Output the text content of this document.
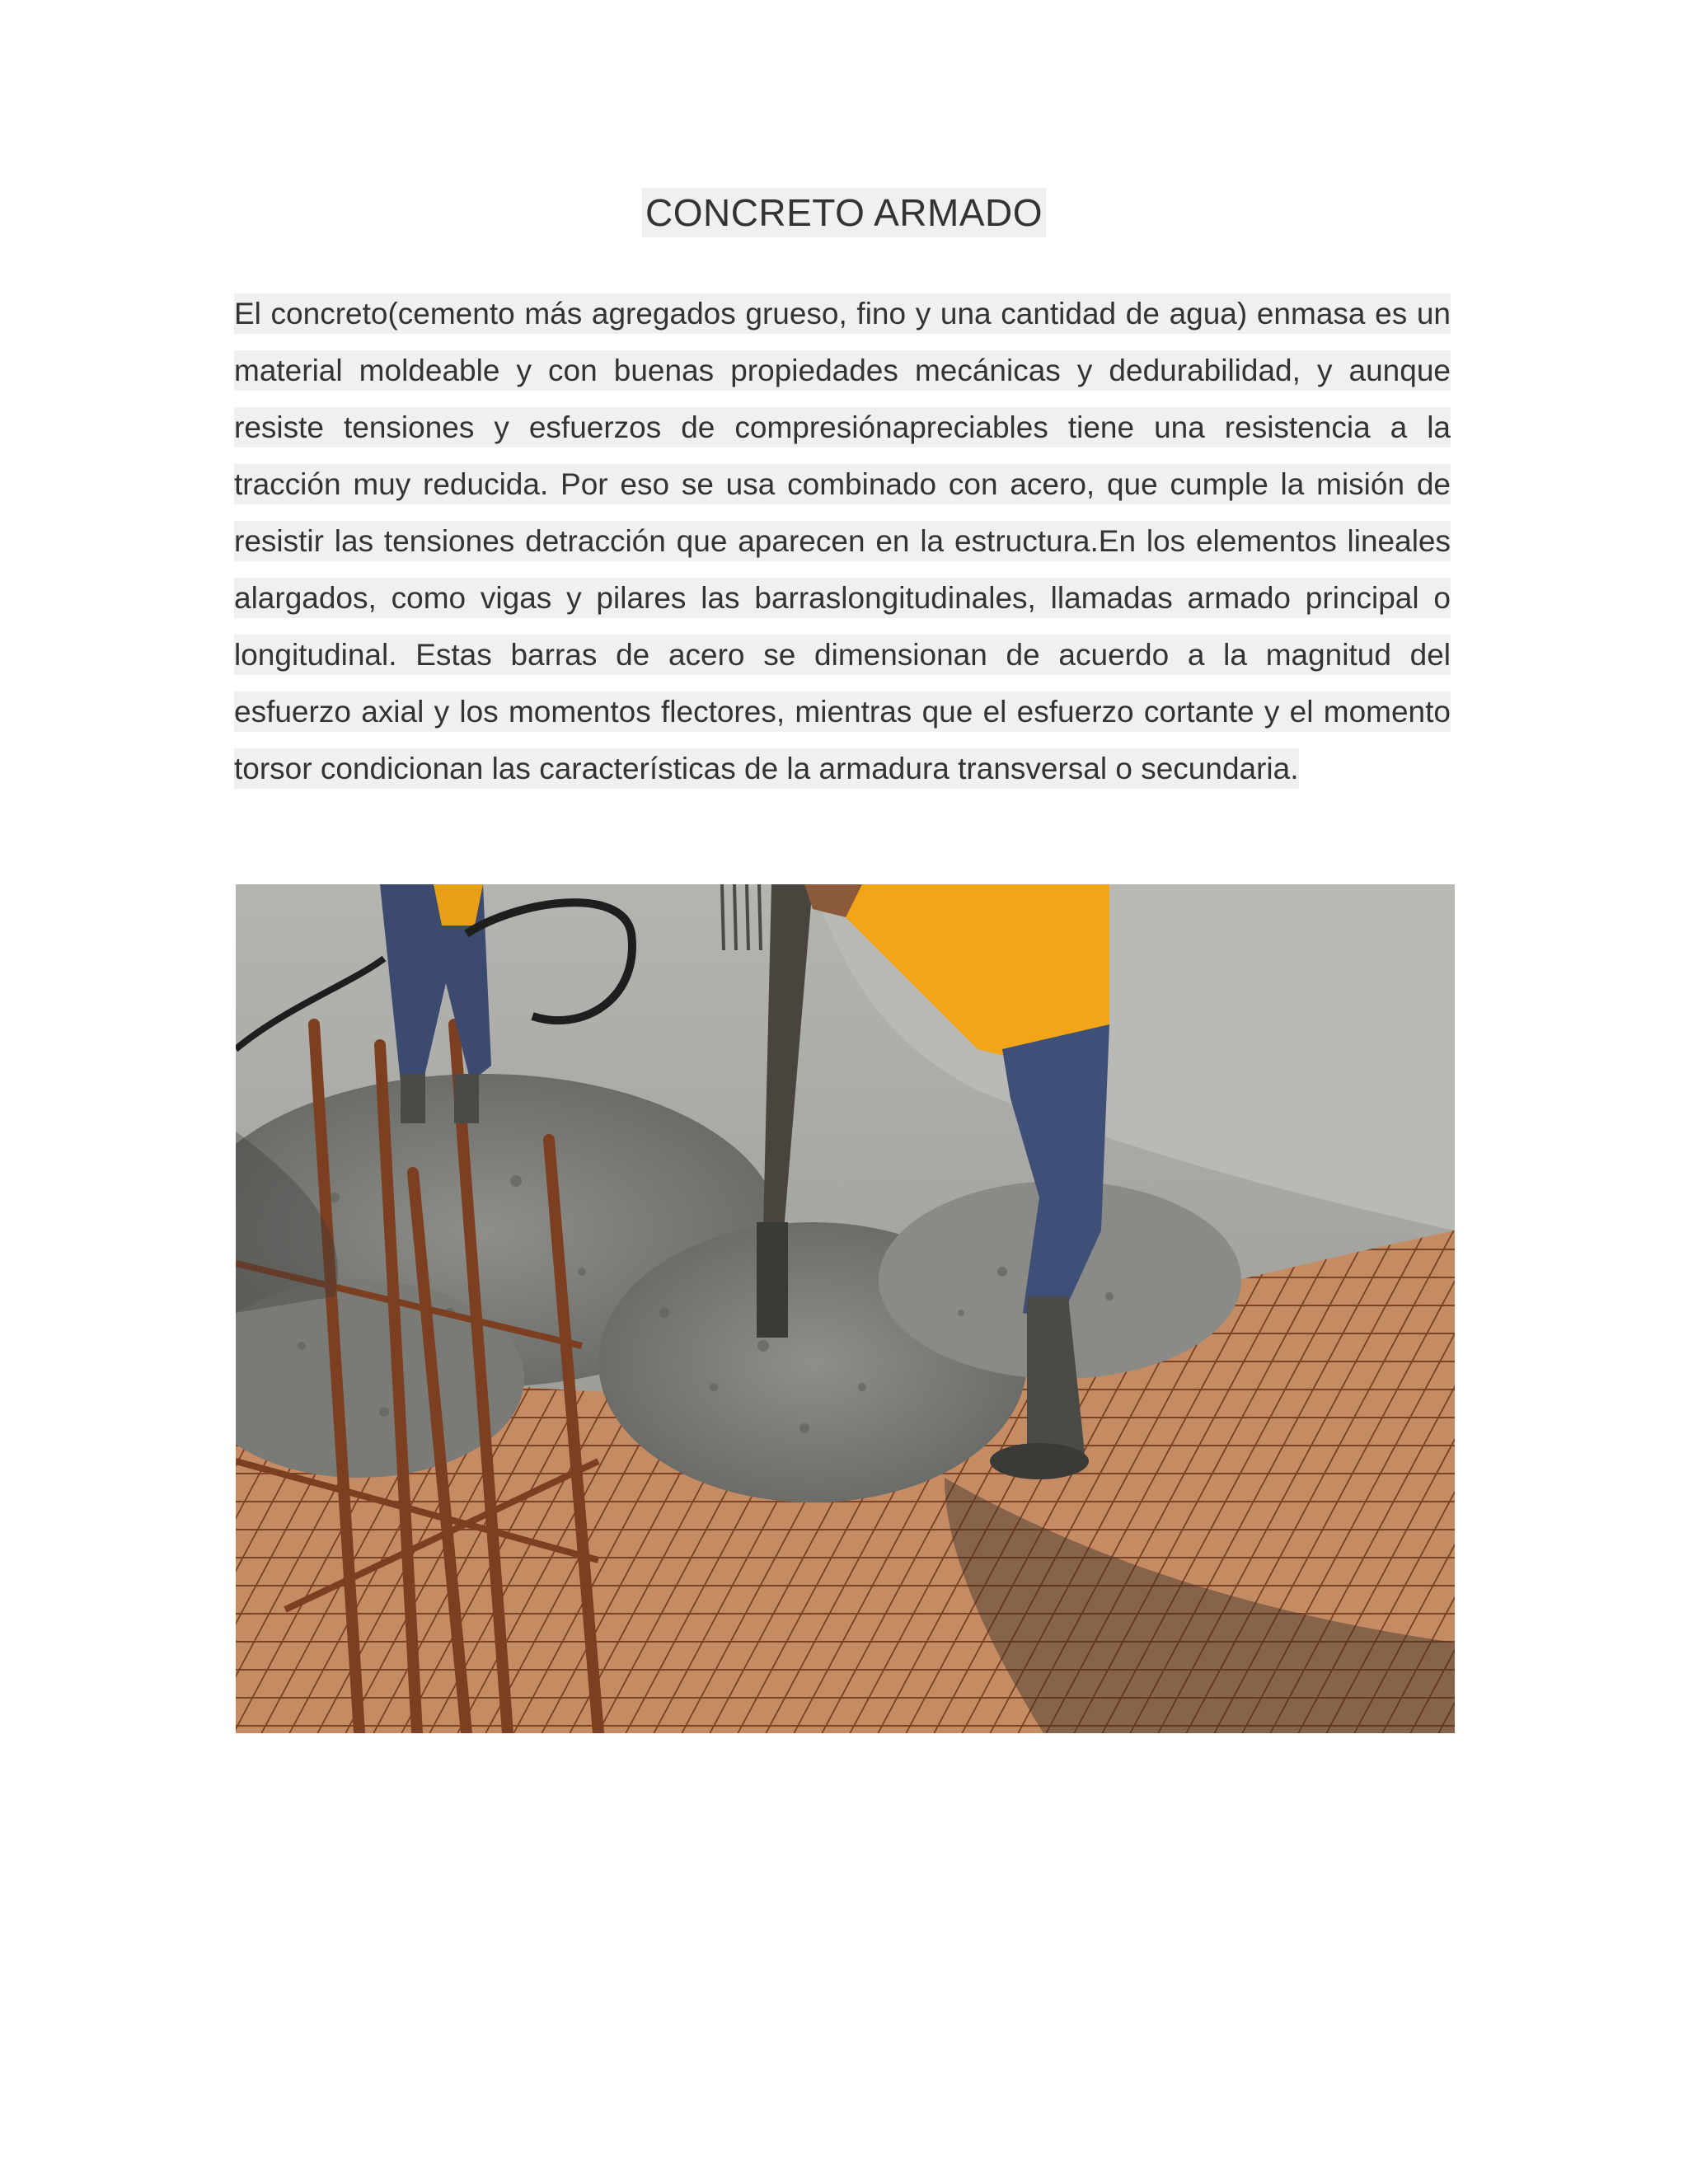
CONCRETO ARMADO
El concreto(cemento más agregados grueso, fino y una cantidad de agua) enmasa es un material moldeable y con buenas propiedades mecánicas y dedurabilidad, y aunque resiste tensiones y esfuerzos de compresiónapreciables tiene una resistencia a la tracción muy reducida. Por eso se usa combinado con acero, que cumple la misión de resistir las tensiones detracción que aparecen en la estructura.En los elementos lineales alargados, como vigas y pilares las barraslongitudinales, llamadas armado principal o longitudinal. Estas barras de acero se dimensionan de acuerdo a la magnitud del esfuerzo axial y los momentos flectores, mientras que el esfuerzo cortante y el momento torsor condicionan las características de la armadura transversal o secundaria.
